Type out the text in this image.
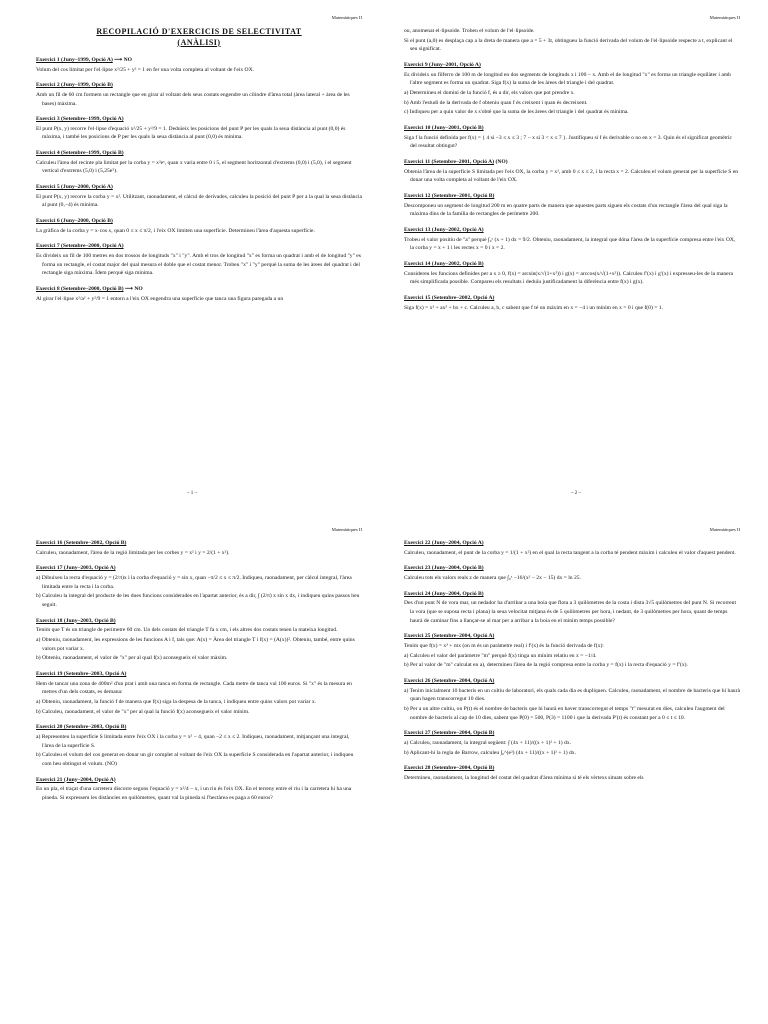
Matemàtiques II
RECOPILACIÓ D'EXERCICIS DE SELECTIVITAT
(ANÀLISI)

Exercici 1 (Juny–1999, Opció A) ⟶ NO

Volum del cos limitat per l'el·lipse x²/25 + y² = 1 en fer una volta completa al voltant de l'eix OX.

Exercici 2 (Juny–1999, Opció B)

Amb un fil de 60 cm formem un rectangle que en girar al voltant dels seus costats engendre un cilindre d'àrea total (àrea lateral + àrea de les bases) màxima.

Exercici 3 (Setembre–1999, Opció A)

El punt P(x, y) recorre l'el·lipse d'equació x²/25 + y²/9 = 1. Deduïeix les posicions del punt P per les quals la seua distància al punt (0,0) és màxima, i també les posicions de P per les quals la seua distància al punt (0,0) és mínima.

Exercici 4 (Setembre–1999, Opció B)

Calculeu l'àrea del recinte pla limitat per la corba y = x²eˣ, quan x varia entre 0 i 5, el segment horitzontal d'extrems (0,0) i (5,0), i el segment vertical d'extrems (5,0) i (5,25e⁵).

Exercici 5 (Juny–2000, Opció A)

El punt P(x, y) recorre la corba y = x². Utilitzant, raonadament, el càlcul de derivades, calculeu la posició del punt P per a la qual la seua distància al punt (0,−4) és mínima.

Exercici 6 (Juny–2000, Opció B)

La gràfica de la corba y = x·cos x, quan 0 ≤ x ≤ π/2, i l'eix OX limiten una superfície. Determineu l'àrea d'aquesta superfície.

Exercici 7 (Setembre–2000, Opció A)

Es divideix un fil de 100 metres en dos trossos de longituds "x" i "y". Amb el tros de longitud "x" es forma un quadrat i amb el de longitud "y" es forma un rectangle, el costat major del qual mesura el doble que el costat menor. Trobeu "x" i "y" perquè la suma de les àrees del quadrat i del rectangle siga màxima. Ídem perquè siga mínima.

Exercici 8 (Setembre–2000, Opció B) ⟶ NO

Al girar l'el·lipse x²/a² + y²/9 = 1 entorn a l'eix OX engendra una superfície que tanca una figura paregada a un

– 1 –
Matemàtiques II

ou, anomenat el·lipsoide. Trobeu el volum de l'el·lipsoide.

Si el punt (a,0) es desplaça cap a la dreta de manera que a = 5 + 3t, obtingueu la funció derivada del volum de l'el·lipsoide respecte a t, explicant el seu significat.

Exercici 9 (Juny–2001, Opció A)

Es divideix un filferro de 100 m de longitud en dos segments de longituds x i 100 − x. Amb el de longitud "x" es forma un triangle equilàter i amb l'altre segment es forma un quadrat. Siga f(x) la suma de les àrees del triangle i del quadrat.

a) Determineu el domini de la funció f, és a dir, els valors que pot prendre x.

b) Amb l'estudi de la derivada de f obteniu quan f és creixent i quan és decreixent.

c) Indiqueu per a quin valor de x s'obté que la suma de les àrees del triangle i del quadrat és mínima.

Exercici 10 (Juny–2001, Opció B)

Siga f la funció definida per f(x) = { 4 si −3 ≤ x ≤ 3 ; 7 − x si 3 < x ≤ 7 }. Justifiqueu si f és derivable o no en x = 3. Quin és el significat geomètric del resultat obtingut?

Exercici 11 (Setembre–2001, Opció A) (NO)

Obtenia l'àrea de la superfície S limitada per l'eix OX, la corba y = x², amb 0 ≤ x ≤ 2, i la recta x = 2. Calculeu el volum generat per la superfície S en donar una volta completa al voltant de l'eix OX.

Exercici 12 (Setembre–2001, Opció B)

Descomponeu un segment de longitud 200 m en quatre parts de manera que aquestes parts siguen els costats d'un rectangle l'àrea del qual siga la màxima dins de la família de rectangles de perímetre 200.

Exercici 13 (Juny–2002, Opció A)

Trobeu el valor positiu de "a" perquè ∫₀ᵃ (x + 1) dx = 9/2. Obteniu, raonadament, la integral que dóna l'àrea de la superfície compresa entre l'eix OX, la corba y = x + 1 i les rectes x = 0 i x = 2.

Exercici 14 (Juny–2002, Opció B)

Considereu les funcions definides per a x ≥ 0, f(x) = arcsin(x/√(1+x²)) i g(x) = arccos(x/√(1+x²)). Calculeu f′(x) i g′(x) i expresseu-les de la manera més simplificada possible. Compareu els resultats i deduïu justificadament la diferència entre f(x) i g(x).

Exercici 15 (Setembre–2002, Opció A)

Siga f(x) = x³ + ax² + bx + c. Calculeu a, b, c sabent que f té un màxim en x = −4 i un mínim en x = 0 i que f(0) = 1.

– 2 –
Matemàtiques II

Exercici 16 (Setembre–2002, Opció B)

Calculeu, raonadament, l'àrea de la regió limitada per les corbes y = x² i y = 2/(1 + x²).

Exercici 17 (Juny–2003, Opció A)

a) Dibuixeu la recta d'equació y = (2/π)x i la corba d'equació y = sin x, quan −π/2 ≤ x ≤ π/2. Indiqueu, raonadament, per càlcul integral, l'àrea limitada entre la recta i la corba.

b) Calculeu la integral del producte de les dues funcions considerades en l'apartat anterior, és a dir, ∫ (2/π) x sin x dx, i indiqueu quins passos heu seguit.

Exercici 18 (Juny–2003, Opció B)

Tenim que T és un triangle de perímetre 60 cm. Un dels costats del triangle T fa x cm, i els altres dos costats tenen la mateixa longitud.

a) Obteniu, raonadament, les expressions de les funcions A i f, tals que: A(x) = Àrea del triangle T i f(x) = (A(x))². Obteniu, també, entre quins valors pot variar x.

b) Obteniu, raonadament, el valor de "x" per al qual f(x) aconsegueix el valor màxim.

Exercici 19 (Setembre–2003, Opció A)

Hem de tancar una zona de 400m² d'un prat i amb una tanca en forma de rectangle. Cada metre de tanca val 100 euros. Si "x" és la mesura en metres d'un dels costats, es demana:

a) Obteniu, raonadament, la funció f de manera que f(x) siga la despesa de la tanca, i indiqueu entre quins valors pot variar x.

b) Calculeu, raonadament, el valor de "x" per al qual la funció f(x) aconsegueix el valor mínim.

Exercici 20 (Setembre–2003, Opció B)

a) Representeu la superfície S limitada entre l'eix OX i la corba y = x² − 4, quan −2 ≤ x ≤ 2. Indiqueu, raonadament, mitjançant una integral, l'àrea de la superfície S.

b) Calculeu el volum del cos generat en donar un gir complet al voltant de l'eix OX la superfície S considerada en l'apartat anterior, i indiqueu com heu obtingut el volum. (NO)

Exercici 21 (Juny–2004, Opció A)

En un pla, el traçat d'una carretera discorre segons l'equació y = x²/4 − x, i un riu és l'eix OX. En el terreny entre el riu i la carretera hi ha una pineda. Si expressem les distàncies en quilòmetres, quant val la pineda si l'hectàrea es paga a 60 euros?

Matemàtiques II

Exercici 22 (Juny–2004, Opció A)

Calculeu, raonadament, el punt de la corba y = 1/(1 + x²) en el qual la recta tangent a la corba té pendent màxim i calculeu el valor d'aquest pendent.

Exercici 23 (Juny–2004, Opció B)

Calculeu tots els valors reals z de manera que ∫₀ᶻ −16/(x² − 2x − 15) dx = ln 25.

Exercici 24 (Juny–2004, Opció B)

Des d'un punt N de vora mar, un nedador ha d'arribar a una boia que flota a 3 quilòmetres de la costa i dista 3√5 quilòmetres del punt N. Si recorrent la vora (que se suposa recta i plana) la seua velocitat mitjana és de 5 quilòmetres per hora, i nedant, de 3 quilòmetres per hora, quant de temps haurà de caminar fins a llançar-se al mar per a arribar a la boia en el mínim temps possible?

Exercici 25 (Setembre–2004, Opció A)

Tenim que f(x) = x³ + mx (on m és un paràmetre real) i f′(x) és la funció derivada de f(x):

a) Calculeu el valor del paràmetre "m" perquè f(x) tinga un mínim relatiu en x = −1/4.

b) Per al valor de "m" calculat en a), determineu l'àrea de la regió compresa entre la corba y = f(x) i la recta d'equació y = f′(x).

Exercici 26 (Setembre–2004, Opció A)

a) Tenim inicialment 10 bacteris en un cultiu de laboratori, els quals cada dia es dupliquen. Calculeu, raonadament, el nombre de bacteris que hi haurà quan hagen transcorregut 10 dies.

b) Per a un altre cultiu, on P(t) és el nombre de bacteris que hi haurà en haver transcorregut el temps "t" mesurat en dies, calculeu l'augment del nombre de bacteris al cap de 10 dies, sabent que P(0) = 500, P(3) = 1100 i que la derivada P′(t) és constant per a 0 ≤ t ≤ 10.

Exercici 27 (Setembre–2004, Opció B)

a) Calculeu, raonadament, la integral següent: ∫ (4x + 11)/((x + 1)² + 1) dx.

b) Aplicant-hi la regla de Barrow, calculeu ∫₀^(e²) (4x + 11)/((x + 1)² + 1) dx.

Exercici 28 (Setembre–2004, Opció B)

Determineu, raonadament, la longitud del costat del quadrat d'àrea mínima si té els vèrtexs situats sobre els
